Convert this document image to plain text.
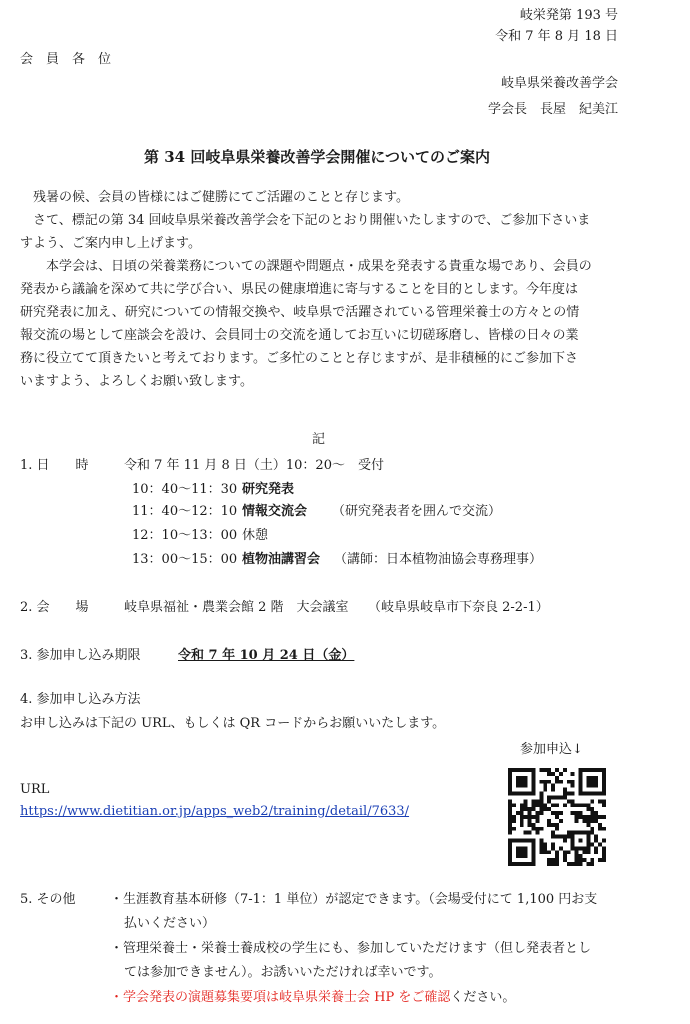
岐栄発第 193 号
令和 7 年 8 月 18 日
会　員　各　位
岐阜県栄養改善学会
学会長　長屋　紀美江
第 34 回岐阜県栄養改善学会開催についてのご案内

　残暑の候、会員の皆様にはご健勝にてご活躍のことと存じます。

　さて、標記の第 34 回岐阜県栄養改善学会を下記のとおり開催いたしますので、ご参加下さいま

すよう、ご案内申し上げます。

　　本学会は、日頃の栄養業務についての課題や問題点・成果を発表する貴重な場であり、会員の

発表から議論を深めて共に学び合い、県民の健康増進に寄与することを目的とします。今年度は

研究発表に加え、研究についての情報交換や、岐阜県で活躍されている管理栄養士の方々との情

報交流の場として座談会を設け、会員同士の交流を通してお互いに切磋琢磨し、皆様の日々の業

務に役立てて頂きたいと考えております。ご多忙のことと存じますが、是非積極的にご参加下さ

いますよう、よろしくお願い致します。

記
1. 日　　時	令和 7 年 11 月 8 日（土）10：20～　受付
10：40～11：30 研究発表
11：40～12：10 情報交流会 （研究発表者を囲んで交流）
12：10～13：00 休憩
13：00～15：00 植物油講習会 （講師：日本植物油協会専務理事）
2. 会　　場	岐阜県福祉・農業会館 2 階　大会議室 （岐阜県岐阜市下奈良 2-2-1）
3. 参加申し込み期限	令和 7 年 10 月 24 日（金）
4. 参加申し込み方法
お申し込みは下記の URL、もしくは QR コードからお願いいたします。
参加申込↓
URL
https://www.dietitian.or.jp/apps_web2/training/detail/7633/
5. その他	・生涯教育基本研修（7-1：1 単位）が認定できます。（会場受付にて 1,100 円お支
払いください）
・管理栄養士・栄養士養成校の学生にも、参加していただけます（但し発表者とし
ては参加できません）。お誘いいただければ幸いです。
・学会発表の演題募集要項は岐阜県栄養士会 HP をご確認ください。
